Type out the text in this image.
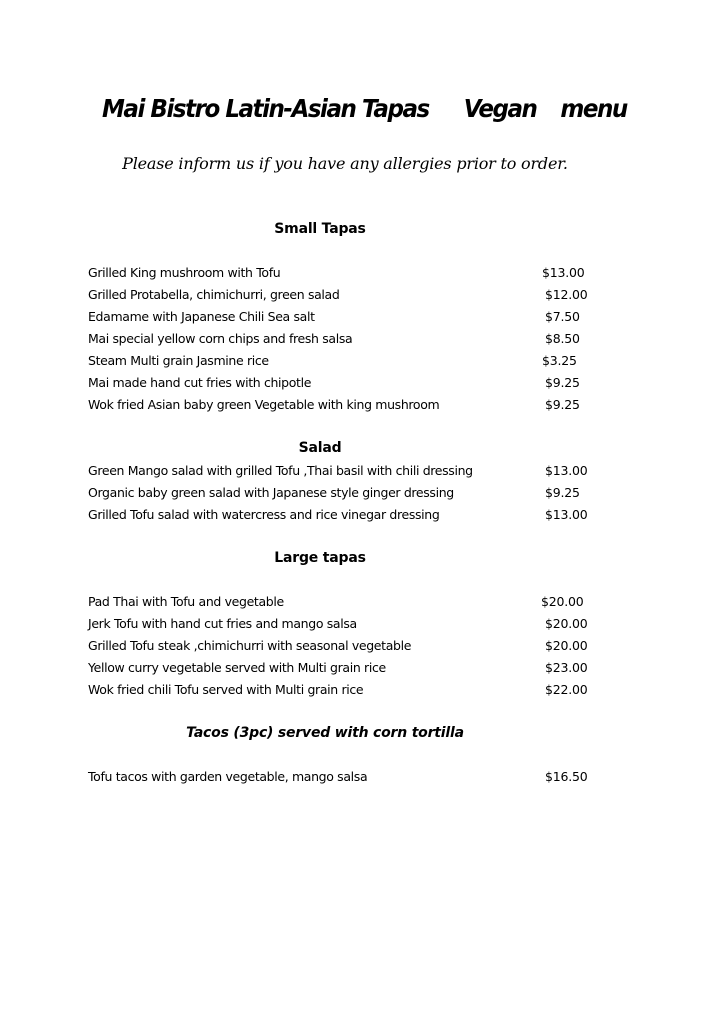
Mai Bistro Latin-Asian Tapas Vegan menu
Please inform us if you have any allergies prior to order.
Small Tapas
Grilled King mushroom with Tofu	$13.00
Grilled Protabella, chimichurri, green salad	$12.00
Edamame with Japanese Chili Sea salt	$7.50
Mai special yellow corn chips and fresh salsa	$8.50
Steam Multi grain Jasmine rice	$3.25
Mai made hand cut fries with chipotle	$9.25
Wok fried Asian baby green Vegetable with king mushroom	$9.25
Salad
Green Mango salad with grilled Tofu ,Thai basil with chili dressing	$13.00
Organic baby green salad with Japanese style ginger dressing	$9.25
Grilled Tofu salad with watercress and rice vinegar dressing	$13.00
Large tapas
Pad Thai with Tofu and vegetable	$20.00
Jerk Tofu with hand cut fries and mango salsa	$20.00
Grilled Tofu steak ,chimichurri with seasonal vegetable	$20.00
Yellow curry vegetable served with Multi grain rice	$23.00
Wok fried chili Tofu served with Multi grain rice	$22.00
Tacos (3pc) served with corn tortilla
Tofu tacos with garden vegetable, mango salsa	$16.50
